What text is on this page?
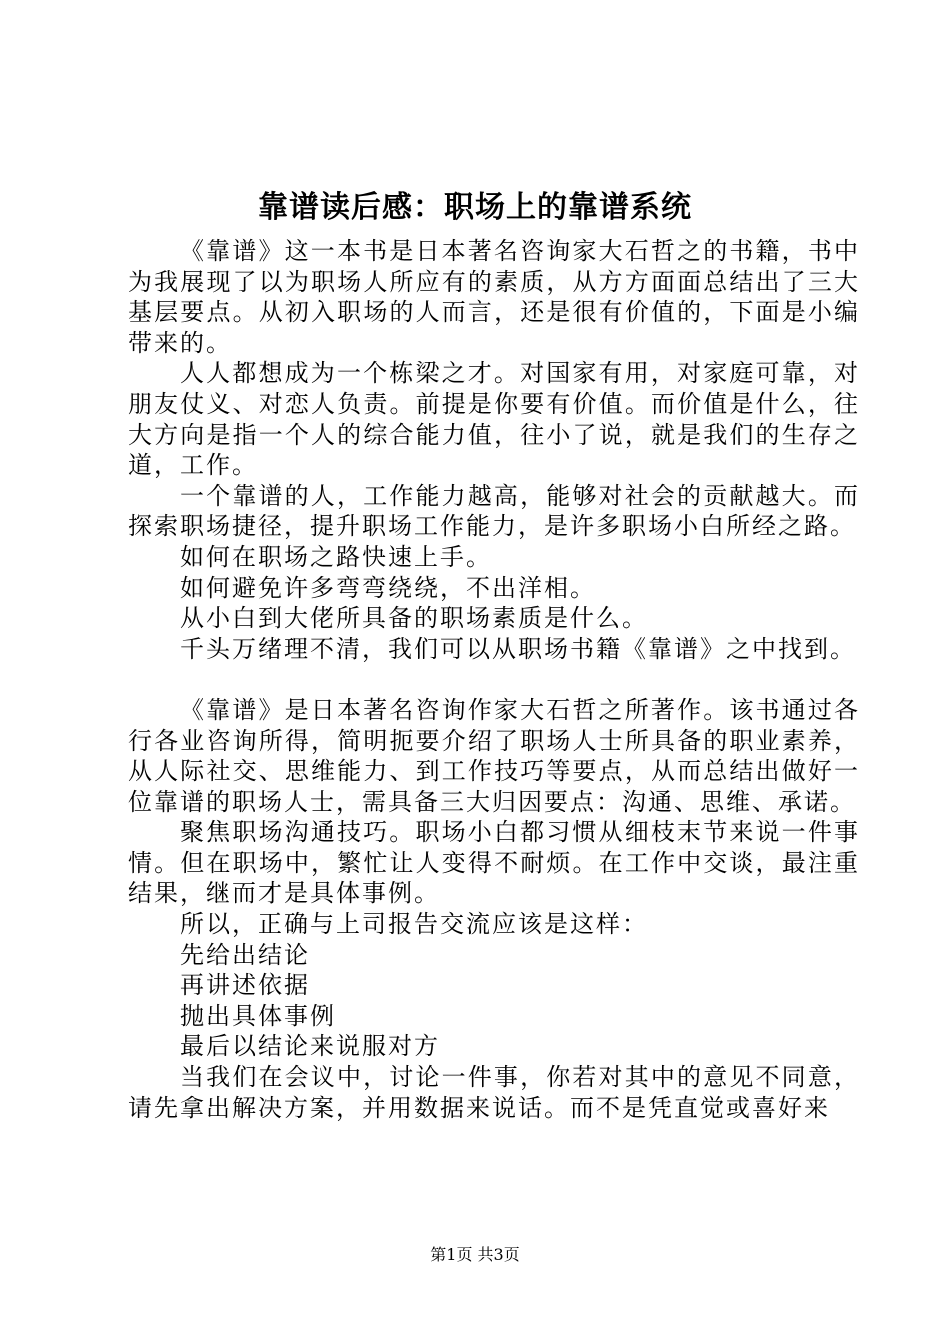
靠谱读后感：职场上的靠谱系统

《靠谱》这一本书是日本著名咨询家大石哲之的书籍，书中为我展现了以为职场人所应有的素质，从方方面面总结出了三大基层要点。从初入职场的人而言，还是很有价值的，下面是小编带来的。

人人都想成为一个栋梁之才。对国家有用，对家庭可靠，对朋友仗义、对恋人负责。前提是你要有价值。而价值是什么，往大方向是指一个人的综合能力值，往小了说，就是我们的生存之道，工作。

一个靠谱的人，工作能力越高，能够对社会的贡献越大。而探索职场捷径，提升职场工作能力，是许多职场小白所经之路。

如何在职场之路快速上手。

如何避免许多弯弯绕绕，不出洋相。

从小白到大佬所具备的职场素质是什么。

千头万绪理不清，我们可以从职场书籍《靠谱》之中找到。

《靠谱》是日本著名咨询作家大石哲之所著作。该书通过各行各业咨询所得，简明扼要介绍了职场人士所具备的职业素养，从人际社交、思维能力、到工作技巧等要点，从而总结出做好一位靠谱的职场人士，需具备三大归因要点：沟通、思维、承诺。

聚焦职场沟通技巧。职场小白都习惯从细枝末节来说一件事情。但在职场中，繁忙让人变得不耐烦。在工作中交谈，最注重结果，继而才是具体事例。

所以，正确与上司报告交流应该是这样：

先给出结论

再讲述依据

抛出具体事例

最后以结论来说服对方

当我们在会议中，讨论一件事，你若对其中的意见不同意，请先拿出解决方案，并用数据来说话。而不是凭直觉或喜好来

第1页 共3页
